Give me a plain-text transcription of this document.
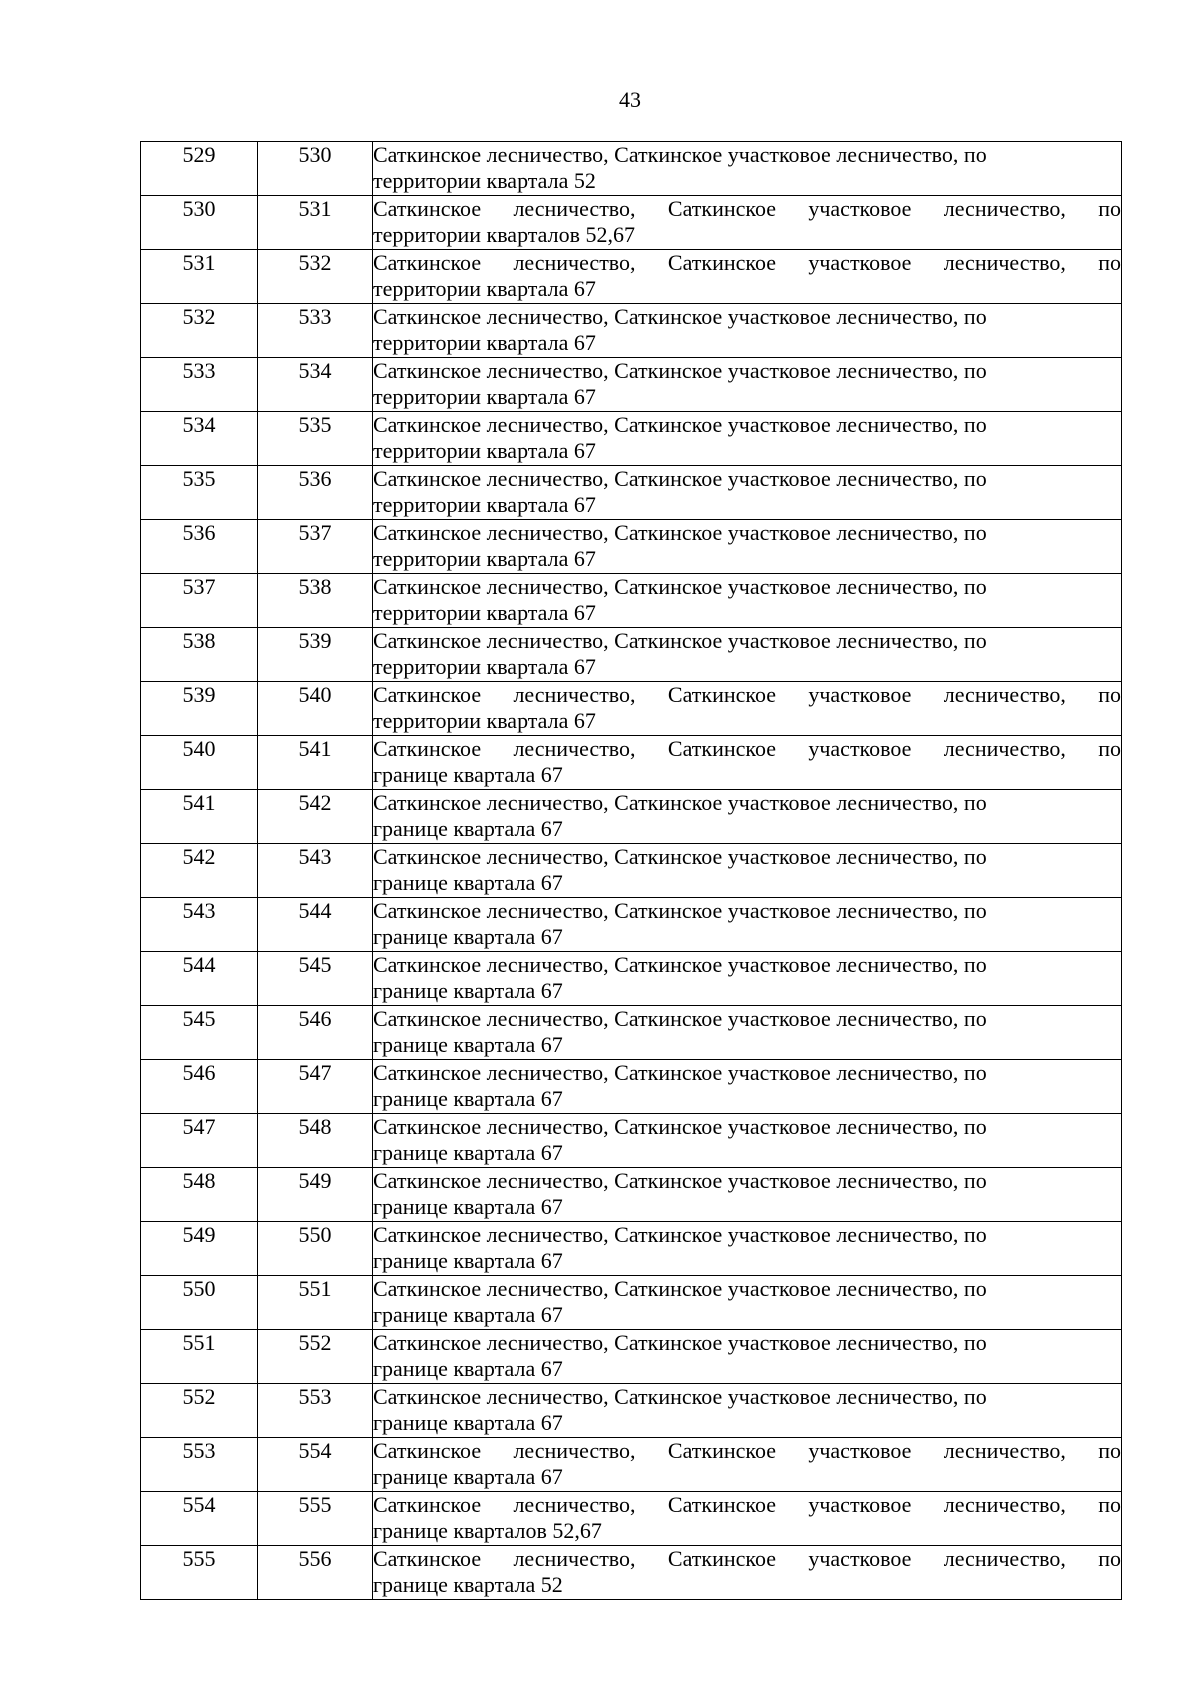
43
529	530	Саткинское лесничество, Саткинское участковое лесничество, по
территории квартала 52

530	531	Саткинское лесничество, Саткинское участковое лесничество, по
территории кварталов 52,67

531	532	Саткинское лесничество, Саткинское участковое лесничество, по
территории квартала 67

532	533	Саткинское лесничество, Саткинское участковое лесничество, по
территории квартала 67

533	534	Саткинское лесничество, Саткинское участковое лесничество, по
территории квартала 67

534	535	Саткинское лесничество, Саткинское участковое лесничество, по
территории квартала 67

535	536	Саткинское лесничество, Саткинское участковое лесничество, по
территории квартала 67

536	537	Саткинское лесничество, Саткинское участковое лесничество, по
территории квартала 67

537	538	Саткинское лесничество, Саткинское участковое лесничество, по
территории квартала 67

538	539	Саткинское лесничество, Саткинское участковое лесничество, по
территории квартала 67

539	540	Саткинское лесничество, Саткинское участковое лесничество, по
территории квартала 67

540	541	Саткинское лесничество, Саткинское участковое лесничество, по
границе квартала 67

541	542	Саткинское лесничество, Саткинское участковое лесничество, по
границе квартала 67

542	543	Саткинское лесничество, Саткинское участковое лесничество, по
границе квартала 67

543	544	Саткинское лесничество, Саткинское участковое лесничество, по
границе квартала 67

544	545	Саткинское лесничество, Саткинское участковое лесничество, по
границе квартала 67

545	546	Саткинское лесничество, Саткинское участковое лесничество, по
границе квартала 67

546	547	Саткинское лесничество, Саткинское участковое лесничество, по
границе квартала 67

547	548	Саткинское лесничество, Саткинское участковое лесничество, по
границе квартала 67

548	549	Саткинское лесничество, Саткинское участковое лесничество, по
границе квартала 67

549	550	Саткинское лесничество, Саткинское участковое лесничество, по
границе квартала 67

550	551	Саткинское лесничество, Саткинское участковое лесничество, по
границе квартала 67

551	552	Саткинское лесничество, Саткинское участковое лесничество, по
границе квартала 67

552	553	Саткинское лесничество, Саткинское участковое лесничество, по
границе квартала 67

553	554	Саткинское лесничество, Саткинское участковое лесничество, по
границе квартала 67

554	555	Саткинское лесничество, Саткинское участковое лесничество, по
границе кварталов 52,67

555	556	Саткинское лесничество, Саткинское участковое лесничество, по
границе квартала 52
